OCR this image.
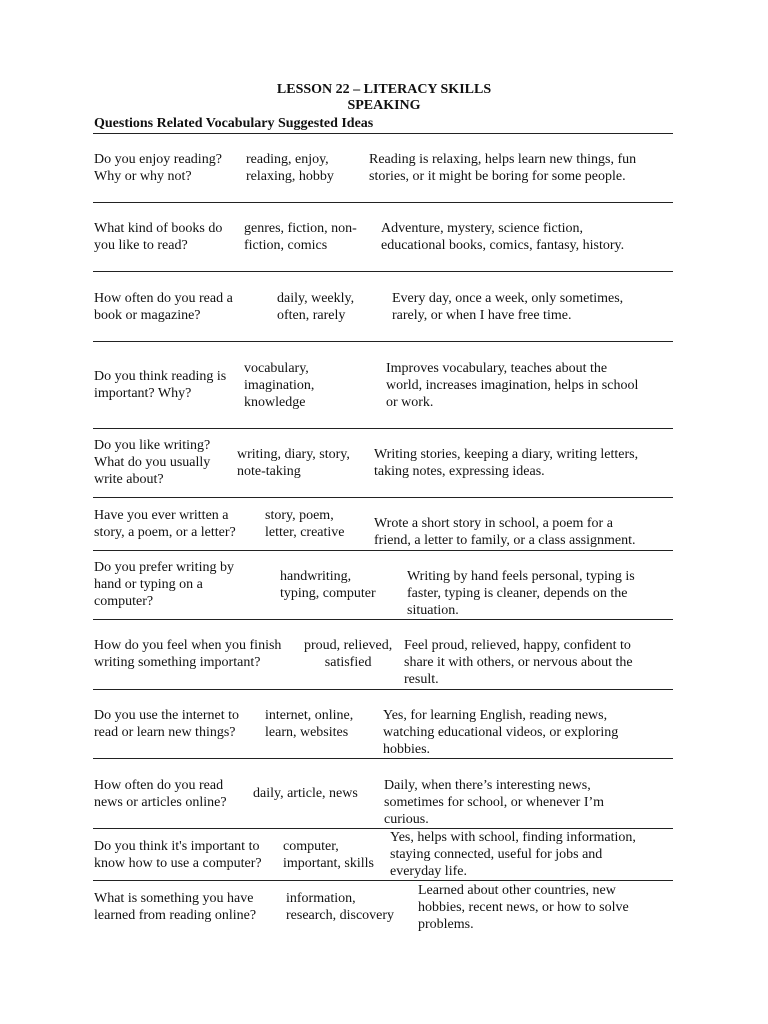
LESSON 22 – LITERACY SKILLS
SPEAKING
Questions Related Vocabulary Suggested Ideas
Do you enjoy reading?
Why or why not?
reading, enjoy,
relaxing, hobby
Reading is relaxing, helps learn new things, fun
stories, or it might be boring for some people.
What kind of books do
you like to read?
genres, fiction, non-
fiction, comics
Adventure, mystery, science fiction,
educational books, comics, fantasy, history.
How often do you read a
book or magazine?
daily, weekly,
often, rarely
Every day, once a week, only sometimes,
rarely, or when I have free time.
Do you think reading is
important? Why?
vocabulary,
imagination,
knowledge
Improves vocabulary, teaches about the
world, increases imagination, helps in school
or work.
Do you like writing?
What do you usually
write about?
writing, diary, story,
note-taking
Writing stories, keeping a diary, writing letters,
taking notes, expressing ideas.
Have you ever written a
story, a poem, or a letter?
story, poem,
letter, creative
Wrote a short story in school, a poem for a
friend, a letter to family, or a class assignment.
Do you prefer writing by
hand or typing on a
computer?
handwriting,
typing, computer
Writing by hand feels personal, typing is
faster, typing is cleaner, depends on the
situation.
How do you feel when you finish
writing something important?
proud, relieved,
satisfied
Feel proud, relieved, happy, confident to
share it with others, or nervous about the
result.
Do you use the internet to
read or learn new things?
internet, online,
learn, websites
Yes, for learning English, reading news,
watching educational videos, or exploring
hobbies.
How often do you read
news or articles online?
daily, article, news
Daily, when there’s interesting news,
sometimes for school, or whenever I’m
curious.
Do you think it's important to
know how to use a computer?
computer,
important, skills
Yes, helps with school, finding information,
staying connected, useful for jobs and
everyday life.
What is something you have
learned from reading online?
information,
research, discovery
Learned about other countries, new
hobbies, recent news, or how to solve
problems.
